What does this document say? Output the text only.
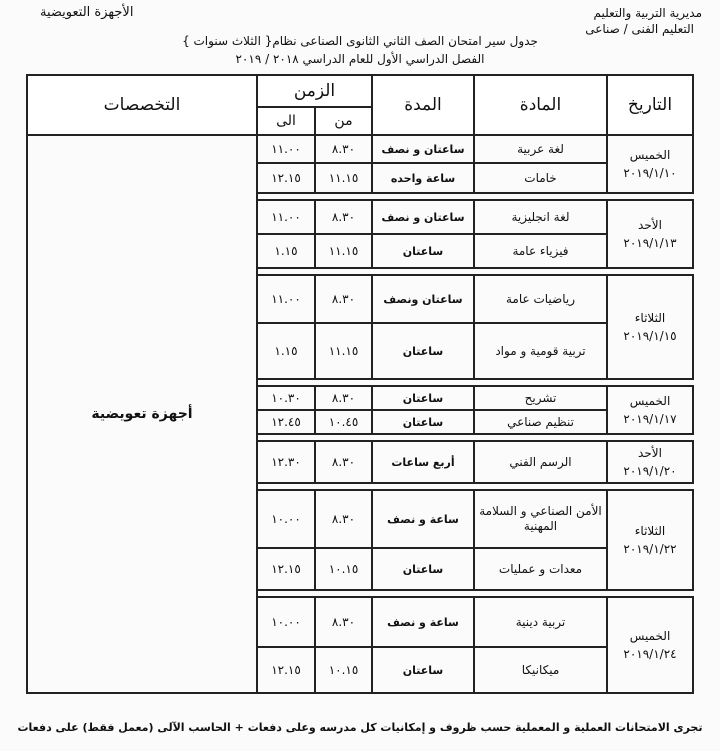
مديرية التربية والتعليم
التعليم الفنى / صناعى
الأجهزة التعويضية
جدول سير امتحان الصف الثاني الثانوى الصناعى نظام{ الثلاث سنوات }
الفصل الدراسي الأول للعام الدراسي ٢٠١٨ / ٢٠١٩
التاريخ	المادة	المدة	الزمن		التخصصات
			من	الى	

الخميس
٢٠١٩/١/١٠	لغة عربية	ساعتان و نصف	٨.٣٠	١١.٠٠	أجهزة تعويضية
	خامات	ساعة واحده	١١.١٥	١٢.١٥	

الأحد
٢٠١٩/١/١٣	لغة انجليزية	ساعتان و نصف	٨.٣٠	١١.٠٠	
	فيزياء عامة	ساعتان	١١.١٥	١.١٥	

الثلاثاء
٢٠١٩/١/١٥	رياضيات عامة	ساعتان ونصف	٨.٣٠	١١.٠٠	
	تربية قومية و مواد	ساعتان	١١.١٥	١.١٥	

الخميس
٢٠١٩/١/١٧	تشريح	ساعتان	٨.٣٠	١٠.٣٠	
	تنظيم صناعي	ساعتان	١٠.٤٥	١٢.٤٥	

الأحد
٢٠١٩/١/٢٠	الرسم الفني	أربع ساعات	٨.٣٠	١٢.٣٠	

الثلاثاء
٢٠١٩/١/٢٢	الأمن الصناعي و السلامة المهنية	ساعة و نصف	٨.٣٠	١٠.٠٠	
	معدات و عمليات	ساعتان	١٠.١٥	١٢.١٥	

الخميس
٢٠١٩/١/٢٤	تربية دينية	ساعة و نصف	٨.٣٠	١٠.٠٠	
	ميكانيكا	ساعتان	١٠.١٥	١٢.١٥	
تجرى الامتحانات العملية و المعملية حسب ظروف و إمكانيات كل مدرسه وعلى دفعات + الحاسب الآلى (معمل فقط) على دفعات
